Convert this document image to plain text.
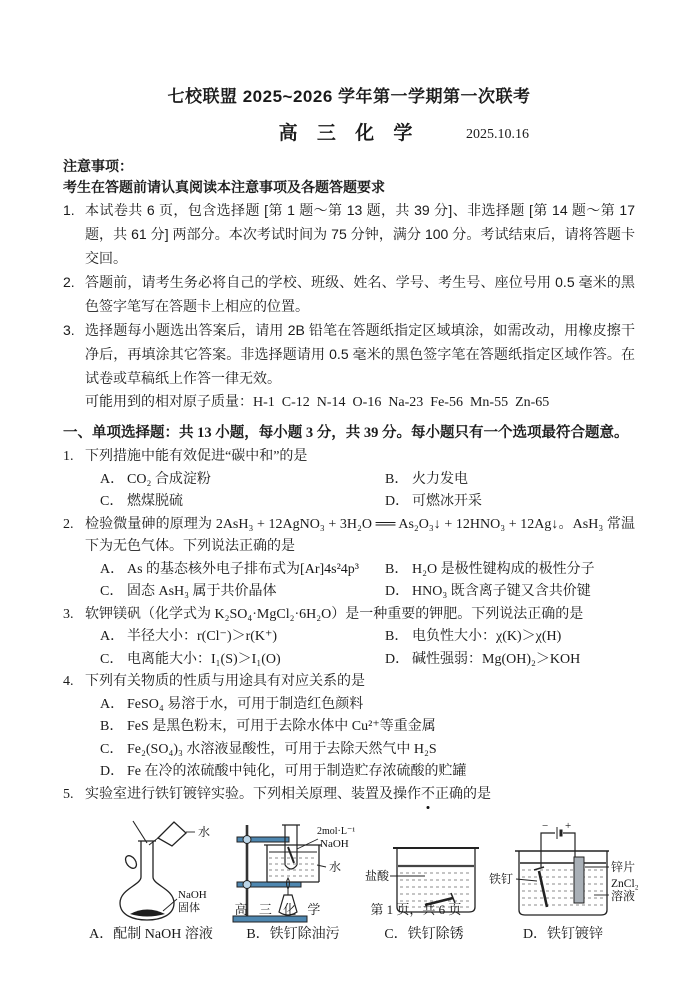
七校联盟 2025~2026 学年第一学期第一次联考
高 三 化 学	2025.10.16
注意事项：
考生在答题前请认真阅读本注意事项及各题答题要求
1. 本试卷共 6 页，包含选择题 [第 1 题～第 13 题，共 39 分]、非选择题 [第 14 题～第 17 题，共 61 分] 两部分。本次考试时间为 75 分钟，满分 100 分。考试结束后，请将答题卡交回。
2. 答题前，请考生务必将自己的学校、班级、姓名、学号、考生号、座位号用 0.5 毫米的黑色签字笔写在答题卡上相应的位置。
3. 选择题每小题选出答案后，请用 2B 铅笔在答题纸指定区域填涂，如需改动，用橡皮擦干净后，再填涂其它答案。非选择题请用 0.5 毫米的黑色签字笔在答题纸指定区域作答。在试卷或草稿纸上作答一律无效。
可能用到的相对原子质量：H-1  C-12  N-14  O-16  Na-23  Fe-56  Mn-55  Zn-65
一、单项选择题：共 13 小题，每小题 3 分，共 39 分。每小题只有一个选项最符合题意。
1. 下列措施中能有效促进“碳中和”的是
A． CO₂ 合成淀粉	B． 火力发电
C． 燃煤脱硫	D． 可燃冰开采
2. 检验微量砷的原理为 2AsH₃ + 12AgNO₃ + 3H₂O ══ As₂O₃↓ + 12HNO₃ + 12Ag↓。AsH₃ 常温下为无色气体。下列说法正确的是
A． As 的基态核外电子排布式为[Ar]4s²4p³	B． H₂O 是极性键构成的极性分子
C． 固态 AsH₃ 属于共价晶体	D． HNO₃ 既含离子键又含共价键
3. 软钾镁矾（化学式为 K₂SO₄·MgCl₂·6H₂O）是一种重要的钾肥。下列说法正确的是
A． 半径大小：r(Cl⁻)＞r(K⁺)	B． 电负性大小：χ(K)＞χ(H)
C． 电离能大小：I₁(S)＞I₁(O)	D． 碱性强弱：Mg(OH)₂＞KOH
4. 下列有关物质的性质与用途具有对应关系的是
A． FeSO₄ 易溶于水，可用于制造红色颜料
B． FeS 是黑色粉末，可用于去除水体中 Cu²⁺等重金属
C． Fe₂(SO₄)₃ 水溶液显酸性，可用于去除天然气中 H₂S
D． Fe 在冷的浓硫酸中钝化，可用于制造贮存浓硫酸的贮罐
5. 实验室进行铁钉镀锌实验。下列相关原理、装置及操作不正确的是
水
NaOH
固体
A．配制 NaOH 溶液
2mol·L⁻¹
NaOH
水
B．铁钉除油污
盐酸
C．铁钉除锈
− +
铁钉
锌片
ZnCl₂
溶液
D．铁钉镀锌
高 三 化 学	第 1 页，共 6 页
